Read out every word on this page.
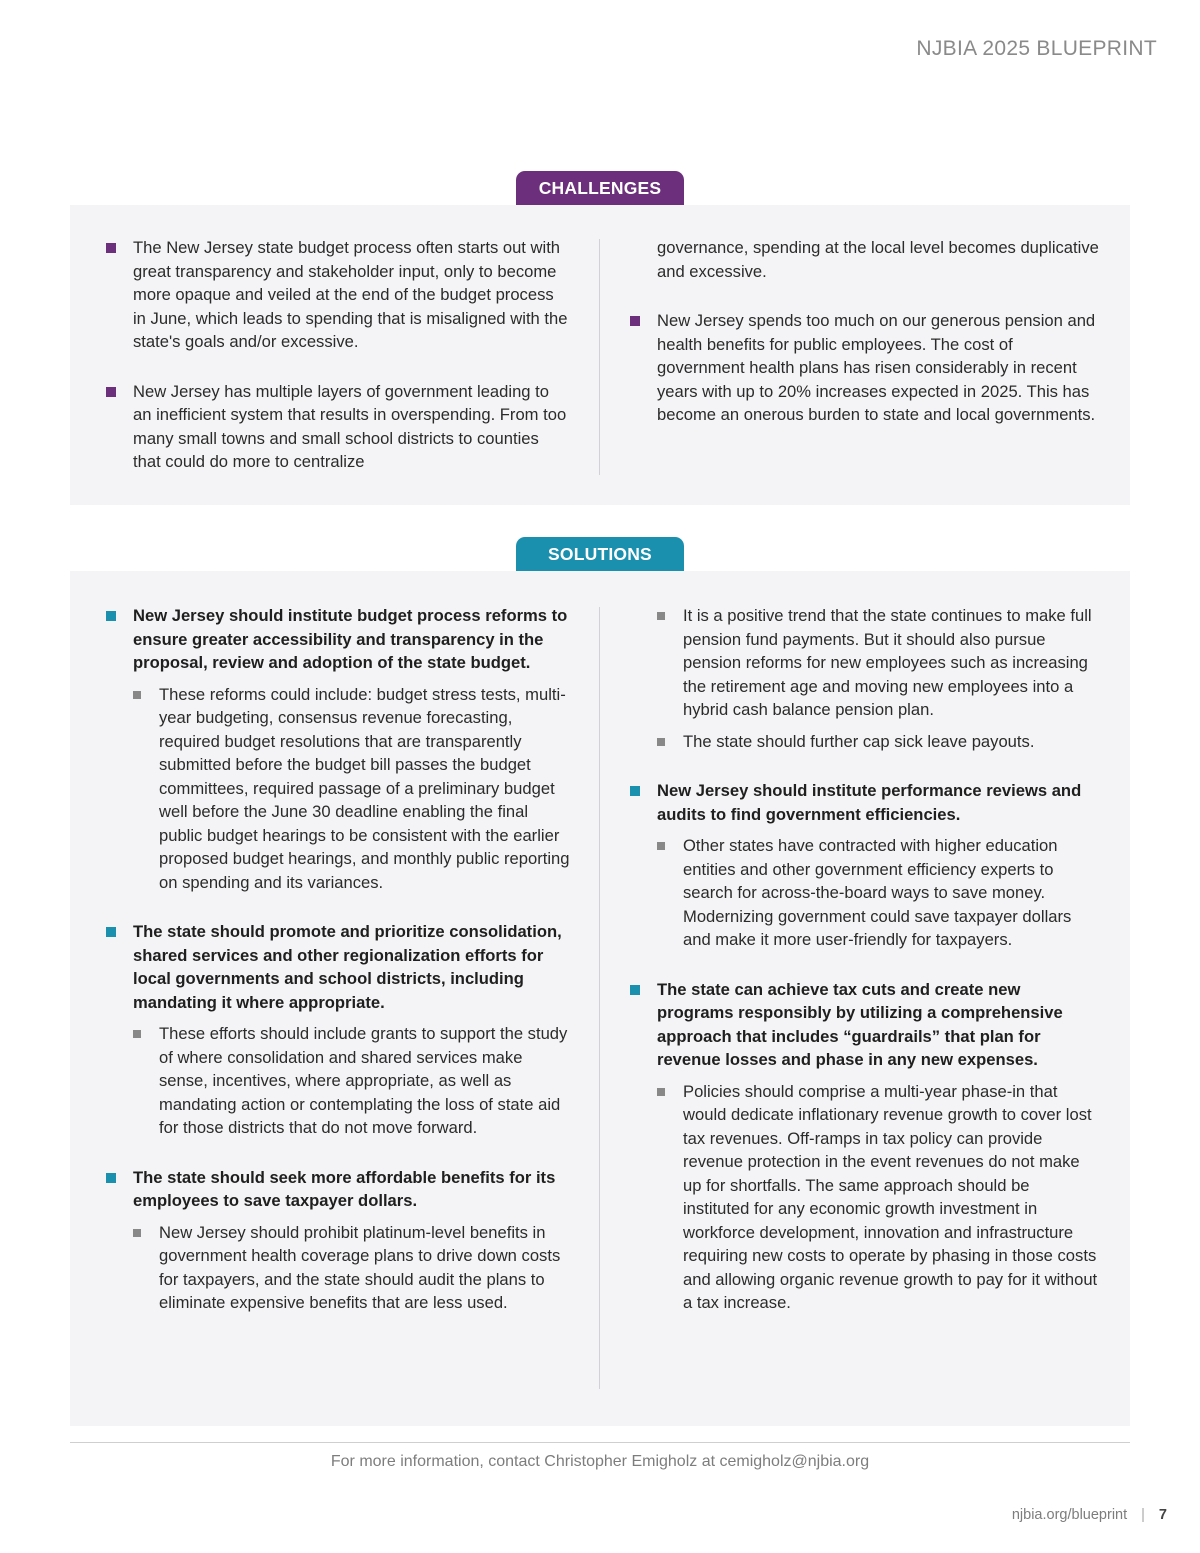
NJBIA 2025 BLUEPRINT
CHALLENGES

The New Jersey state budget process often starts out with great transparency and stakeholder input, only to become more opaque and veiled at the end of the budget process in June, which leads to spending that is misaligned with the state's goals and/or excessive.

New Jersey has multiple layers of government leading to an inefficient system that results in overspending. From too many small towns and small school districts to counties that could do more to centralize

governance, spending at the local level becomes duplicative and excessive.

New Jersey spends too much on our generous pension and health benefits for public employees. The cost of government health plans has risen considerably in recent years with up to 20% increases expected in 2025. This has become an onerous burden to state and local governments.

SOLUTIONS

New Jersey should institute budget process reforms to ensure greater accessibility and transparency in the proposal, review and adoption of the state budget.

These reforms could include: budget stress tests, multi-year budgeting, consensus revenue forecasting, required budget resolutions that are transparently submitted before the budget bill passes the budget committees, required passage of a preliminary budget well before the June 30 deadline enabling the final public budget hearings to be consistent with the earlier proposed budget hearings, and monthly public reporting on spending and its variances.

The state should promote and prioritize consolidation, shared services and other regionalization efforts for local governments and school districts, including mandating it where appropriate.

These efforts should include grants to support the study of where consolidation and shared services make sense, incentives, where appropriate, as well as mandating action or contemplating the loss of state aid for those districts that do not move forward.

The state should seek more affordable benefits for its employees to save taxpayer dollars.

New Jersey should prohibit platinum-level benefits in government health coverage plans to drive down costs for taxpayers, and the state should audit the plans to eliminate expensive benefits that are less used.

It is a positive trend that the state continues to make full pension fund payments. But it should also pursue pension reforms for new employees such as increasing the retirement age and moving new employees into a hybrid cash balance pension plan.

The state should further cap sick leave payouts.

New Jersey should institute performance reviews and audits to find government efficiencies.

Other states have contracted with higher education entities and other government efficiency experts to search for across-the-board ways to save money. Modernizing government could save taxpayer dollars and make it more user-friendly for taxpayers.

The state can achieve tax cuts and create new programs responsibly by utilizing a comprehensive approach that includes “guardrails” that plan for revenue losses and phase in any new expenses.

Policies should comprise a multi-year phase-in that would dedicate inflationary revenue growth to cover lost tax revenues. Off-ramps in tax policy can provide revenue protection in the event revenues do not make up for shortfalls. The same approach should be instituted for any economic growth investment in workforce development, innovation and infrastructure requiring new costs to operate by phasing in those costs and allowing organic revenue growth to pay for it without a tax increase.

For more information, contact Christopher Emigholz at cemigholz@njbia.org
njbia.org/blueprint | 7
